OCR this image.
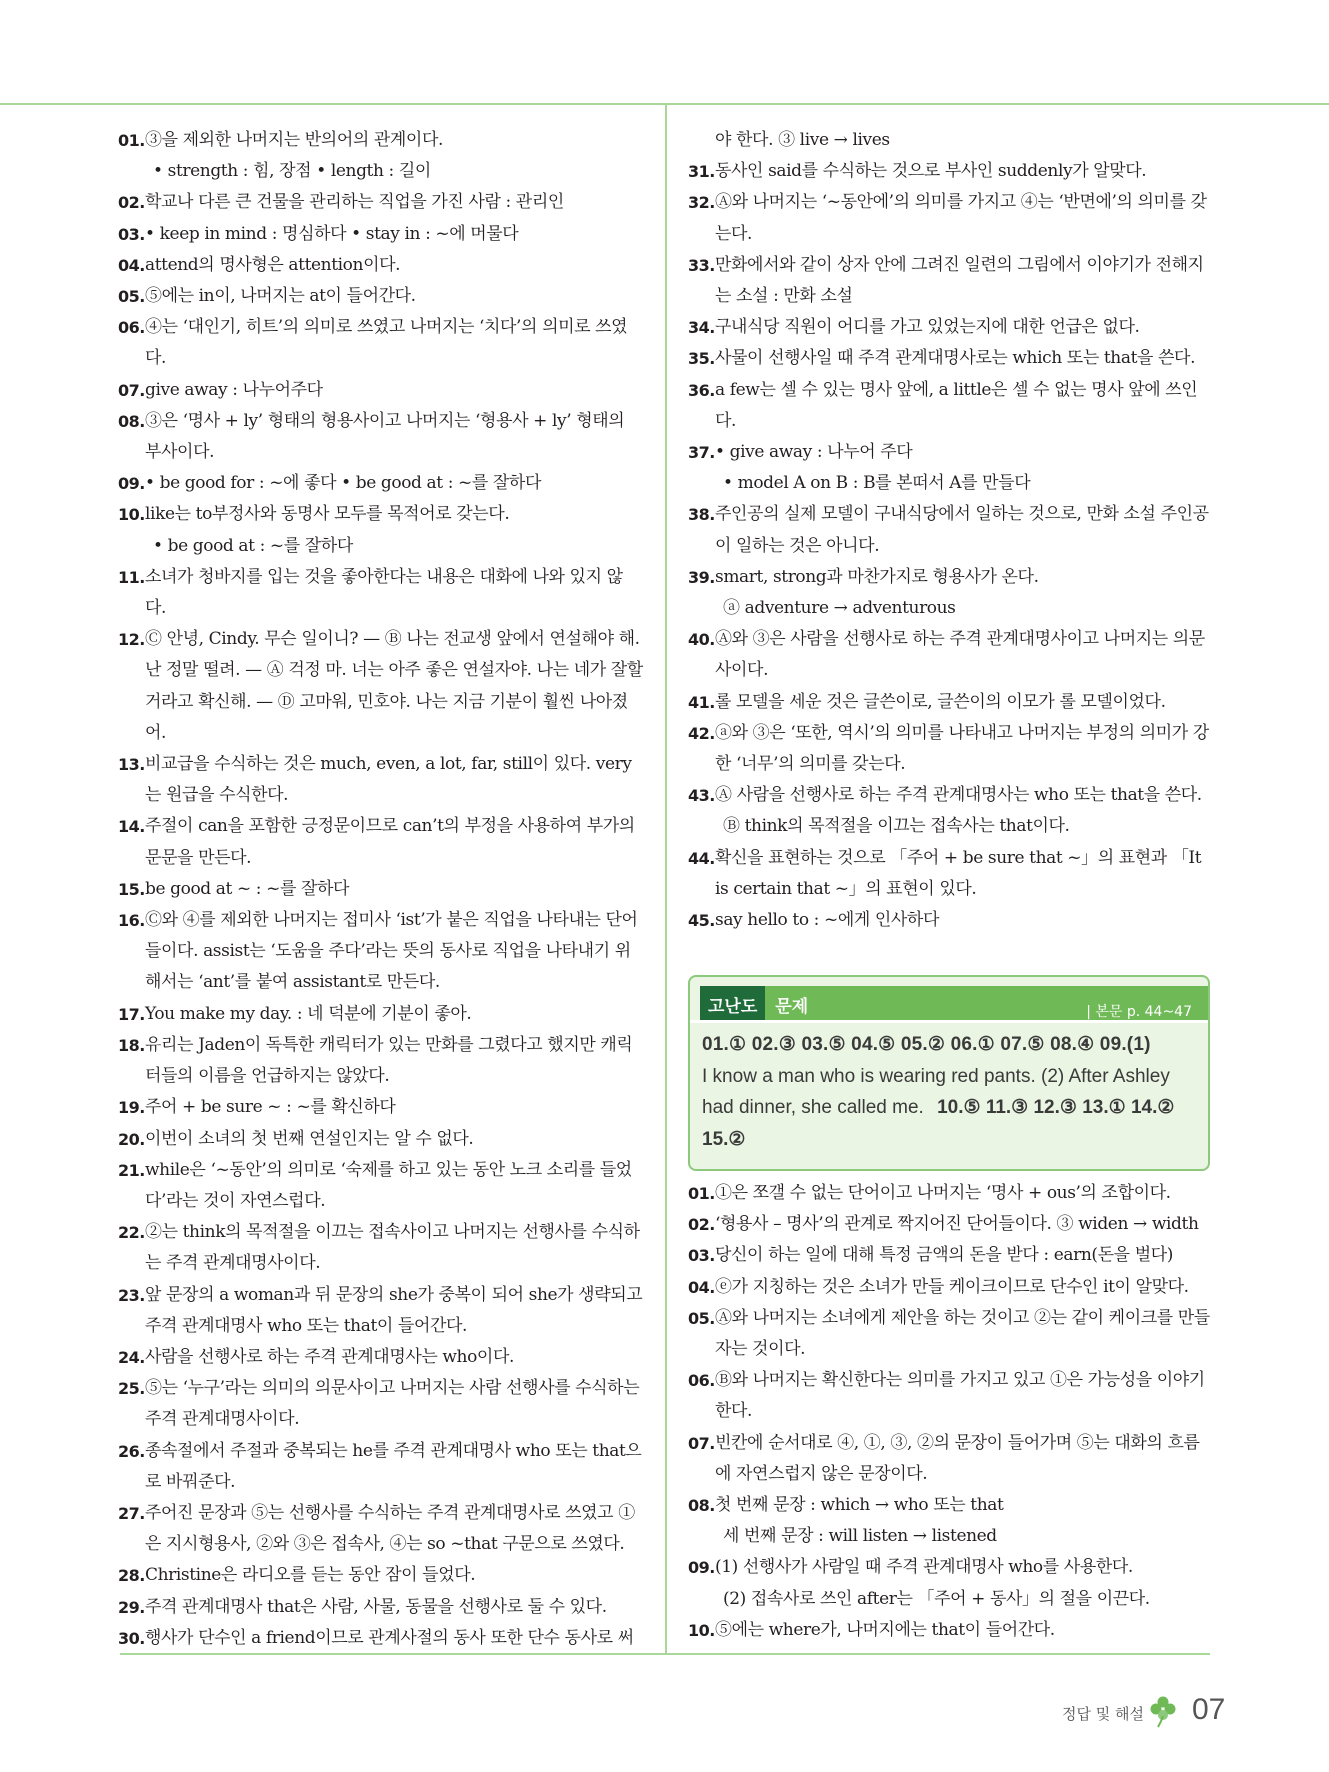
01. ③을 제외한 나머지는 반의어의 관계이다.
• strength : 힘, 장점 • length : 길이
02. 학교나 다른 큰 건물을 관리하는 직업을 가진 사람 : 관리인
03. • keep in mind : 명심하다 • stay in : ~에 머물다
04. attend의 명사형은 attention이다.
05. ⑤에는 in이, 나머지는 at이 들어간다.
06. ④는 ‘대인기, 히트’의 의미로 쓰였고 나머지는 ‘치다’의 의미로 쓰였다.
07. give away : 나누어주다
08. ③은 ‘명사 + ly’ 형태의 형용사이고 나머지는 ‘형용사 + ly’ 형태의 부사이다.
09. • be good for : ~에 좋다 • be good at : ~를 잘하다
10. like는 to부정사와 동명사 모두를 목적어로 갖는다.
• be good at : ~를 잘하다
11. 소녀가 청바지를 입는 것을 좋아한다는 내용은 대화에 나와 있지 않다.
12. Ⓒ 안녕, Cindy. 무슨 일이니? — Ⓑ 나는 전교생 앞에서 연설해야 해. 난 정말 떨려. — Ⓐ 걱정 마. 너는 아주 좋은 연설자야. 나는 네가 잘할 거라고 확신해. — Ⓓ 고마워, 민호야. 나는 지금 기분이 훨씬 나아졌어.
13. 비교급을 수식하는 것은 much, even, a lot, far, still이 있다. very는 원급을 수식한다.
14. 주절이 can을 포함한 긍정문이므로 can’t의 부정을 사용하여 부가의문문을 만든다.
15. be good at ~ : ~를 잘하다
16. Ⓒ와 ④를 제외한 나머지는 접미사 ‘ist’가 붙은 직업을 나타내는 단어들이다. assist는 ‘도움을 주다’라는 뜻의 동사로 직업을 나타내기 위해서는 ‘ant’를 붙여 assistant로 만든다.
17. You make my day. : 네 덕분에 기분이 좋아.
18. 유리는 Jaden이 독특한 캐릭터가 있는 만화를 그렸다고 했지만 캐릭터들의 이름을 언급하지는 않았다.
19. 주어 + be sure ~ : ~를 확신하다
20. 이번이 소녀의 첫 번째 연설인지는 알 수 없다.
21. while은 ‘~동안’의 의미로 ‘숙제를 하고 있는 동안 노크 소리를 들었다’라는 것이 자연스럽다.
22. ②는 think의 목적절을 이끄는 접속사이고 나머지는 선행사를 수식하는 주격 관계대명사이다.
23. 앞 문장의 a woman과 뒤 문장의 she가 중복이 되어 she가 생략되고 주격 관계대명사 who 또는 that이 들어간다.
24. 사람을 선행사로 하는 주격 관계대명사는 who이다.
25. ⑤는 ‘누구’라는 의미의 의문사이고 나머지는 사람 선행사를 수식하는 주격 관계대명사이다.
26. 종속절에서 주절과 중복되는 he를 주격 관계대명사 who 또는 that으로 바꿔준다.
27. 주어진 문장과 ⑤는 선행사를 수식하는 주격 관계대명사로 쓰였고 ①은 지시형용사, ②와 ③은 접속사, ④는 so ~that 구문으로 쓰였다.
28. Christine은 라디오를 듣는 동안 잠이 들었다.
29. 주격 관계대명사 that은 사람, 사물, 동물을 선행사로 둘 수 있다.
30. 행사가 단수인 a friend이므로 관계사절의 동사 또한 단수 동사로 써
야 한다. ③ live → lives
31. 동사인 said를 수식하는 것으로 부사인 suddenly가 알맞다.
32. Ⓐ와 나머지는 ‘~동안에’의 의미를 가지고 ④는 ‘반면에’의 의미를 갖는다.
33. 만화에서와 같이 상자 안에 그려진 일련의 그림에서 이야기가 전해지는 소설 : 만화 소설
34. 구내식당 직원이 어디를 가고 있었는지에 대한 언급은 없다.
35. 사물이 선행사일 때 주격 관계대명사로는 which 또는 that을 쓴다.
36. a few는 셀 수 있는 명사 앞에, a little은 셀 수 없는 명사 앞에 쓰인다.
37. • give away : 나누어 주다
• model A on B : B를 본떠서 A를 만들다
38. 주인공의 실제 모델이 구내식당에서 일하는 것으로, 만화 소설 주인공이 일하는 것은 아니다.
39. smart, strong과 마찬가지로 형용사가 온다.
ⓐ adventure → adventurous
40. Ⓐ와 ③은 사람을 선행사로 하는 주격 관계대명사이고 나머지는 의문사이다.
41. 롤 모델을 세운 것은 글쓴이로, 글쓴이의 이모가 롤 모델이었다.
42. ⓐ와 ③은 ‘또한, 역시’의 의미를 나타내고 나머지는 부정의 의미가 강한 ‘너무’의 의미를 갖는다.
43. Ⓐ 사람을 선행사로 하는 주격 관계대명사는 who 또는 that을 쓴다.
Ⓑ think의 목적절을 이끄는 접속사는 that이다.
44. 확신을 표현하는 것으로 「주어 + be sure that ~」의 표현과 「It is certain that ~」의 표현이 있다.
45. say hello to : ~에게 인사하다
| 본문 p. 44~47
고난도	문제
01.① 02.③ 03.⑤ 04.⑤ 05.② 06.① 07.⑤ 08.④ 09.(1)
I know a man who is wearing red pants. (2) After Ashley had dinner, she called me. 10.⑤ 11.③ 12.③ 13.① 14.②
15.②
01. ①은 쪼갤 수 없는 단어이고 나머지는 ‘명사 + ous’의 조합이다.
02. ‘형용사 – 명사’의 관계로 짝지어진 단어들이다. ③ widen → width
03. 당신이 하는 일에 대해 특정 금액의 돈을 받다 : earn(돈을 벌다)
04. ⓔ가 지칭하는 것은 소녀가 만들 케이크이므로 단수인 it이 알맞다.
05. Ⓐ와 나머지는 소녀에게 제안을 하는 것이고 ②는 같이 케이크를 만들자는 것이다.
06. Ⓑ와 나머지는 확신한다는 의미를 가지고 있고 ①은 가능성을 이야기한다.
07. 빈칸에 순서대로 ④, ①, ③, ②의 문장이 들어가며 ⑤는 대화의 흐름에 자연스럽지 않은 문장이다.
08. 첫 번째 문장 : which → who 또는 that
세 번째 문장 : will listen → listened
09. (1) 선행사가 사람일 때 주격 관계대명사 who를 사용한다.
(2) 접속사로 쓰인 after는 「주어 + 동사」의 절을 이끈다.
10. ⑤에는 where가, 나머지에는 that이 들어간다.
정답 및 해설 07
